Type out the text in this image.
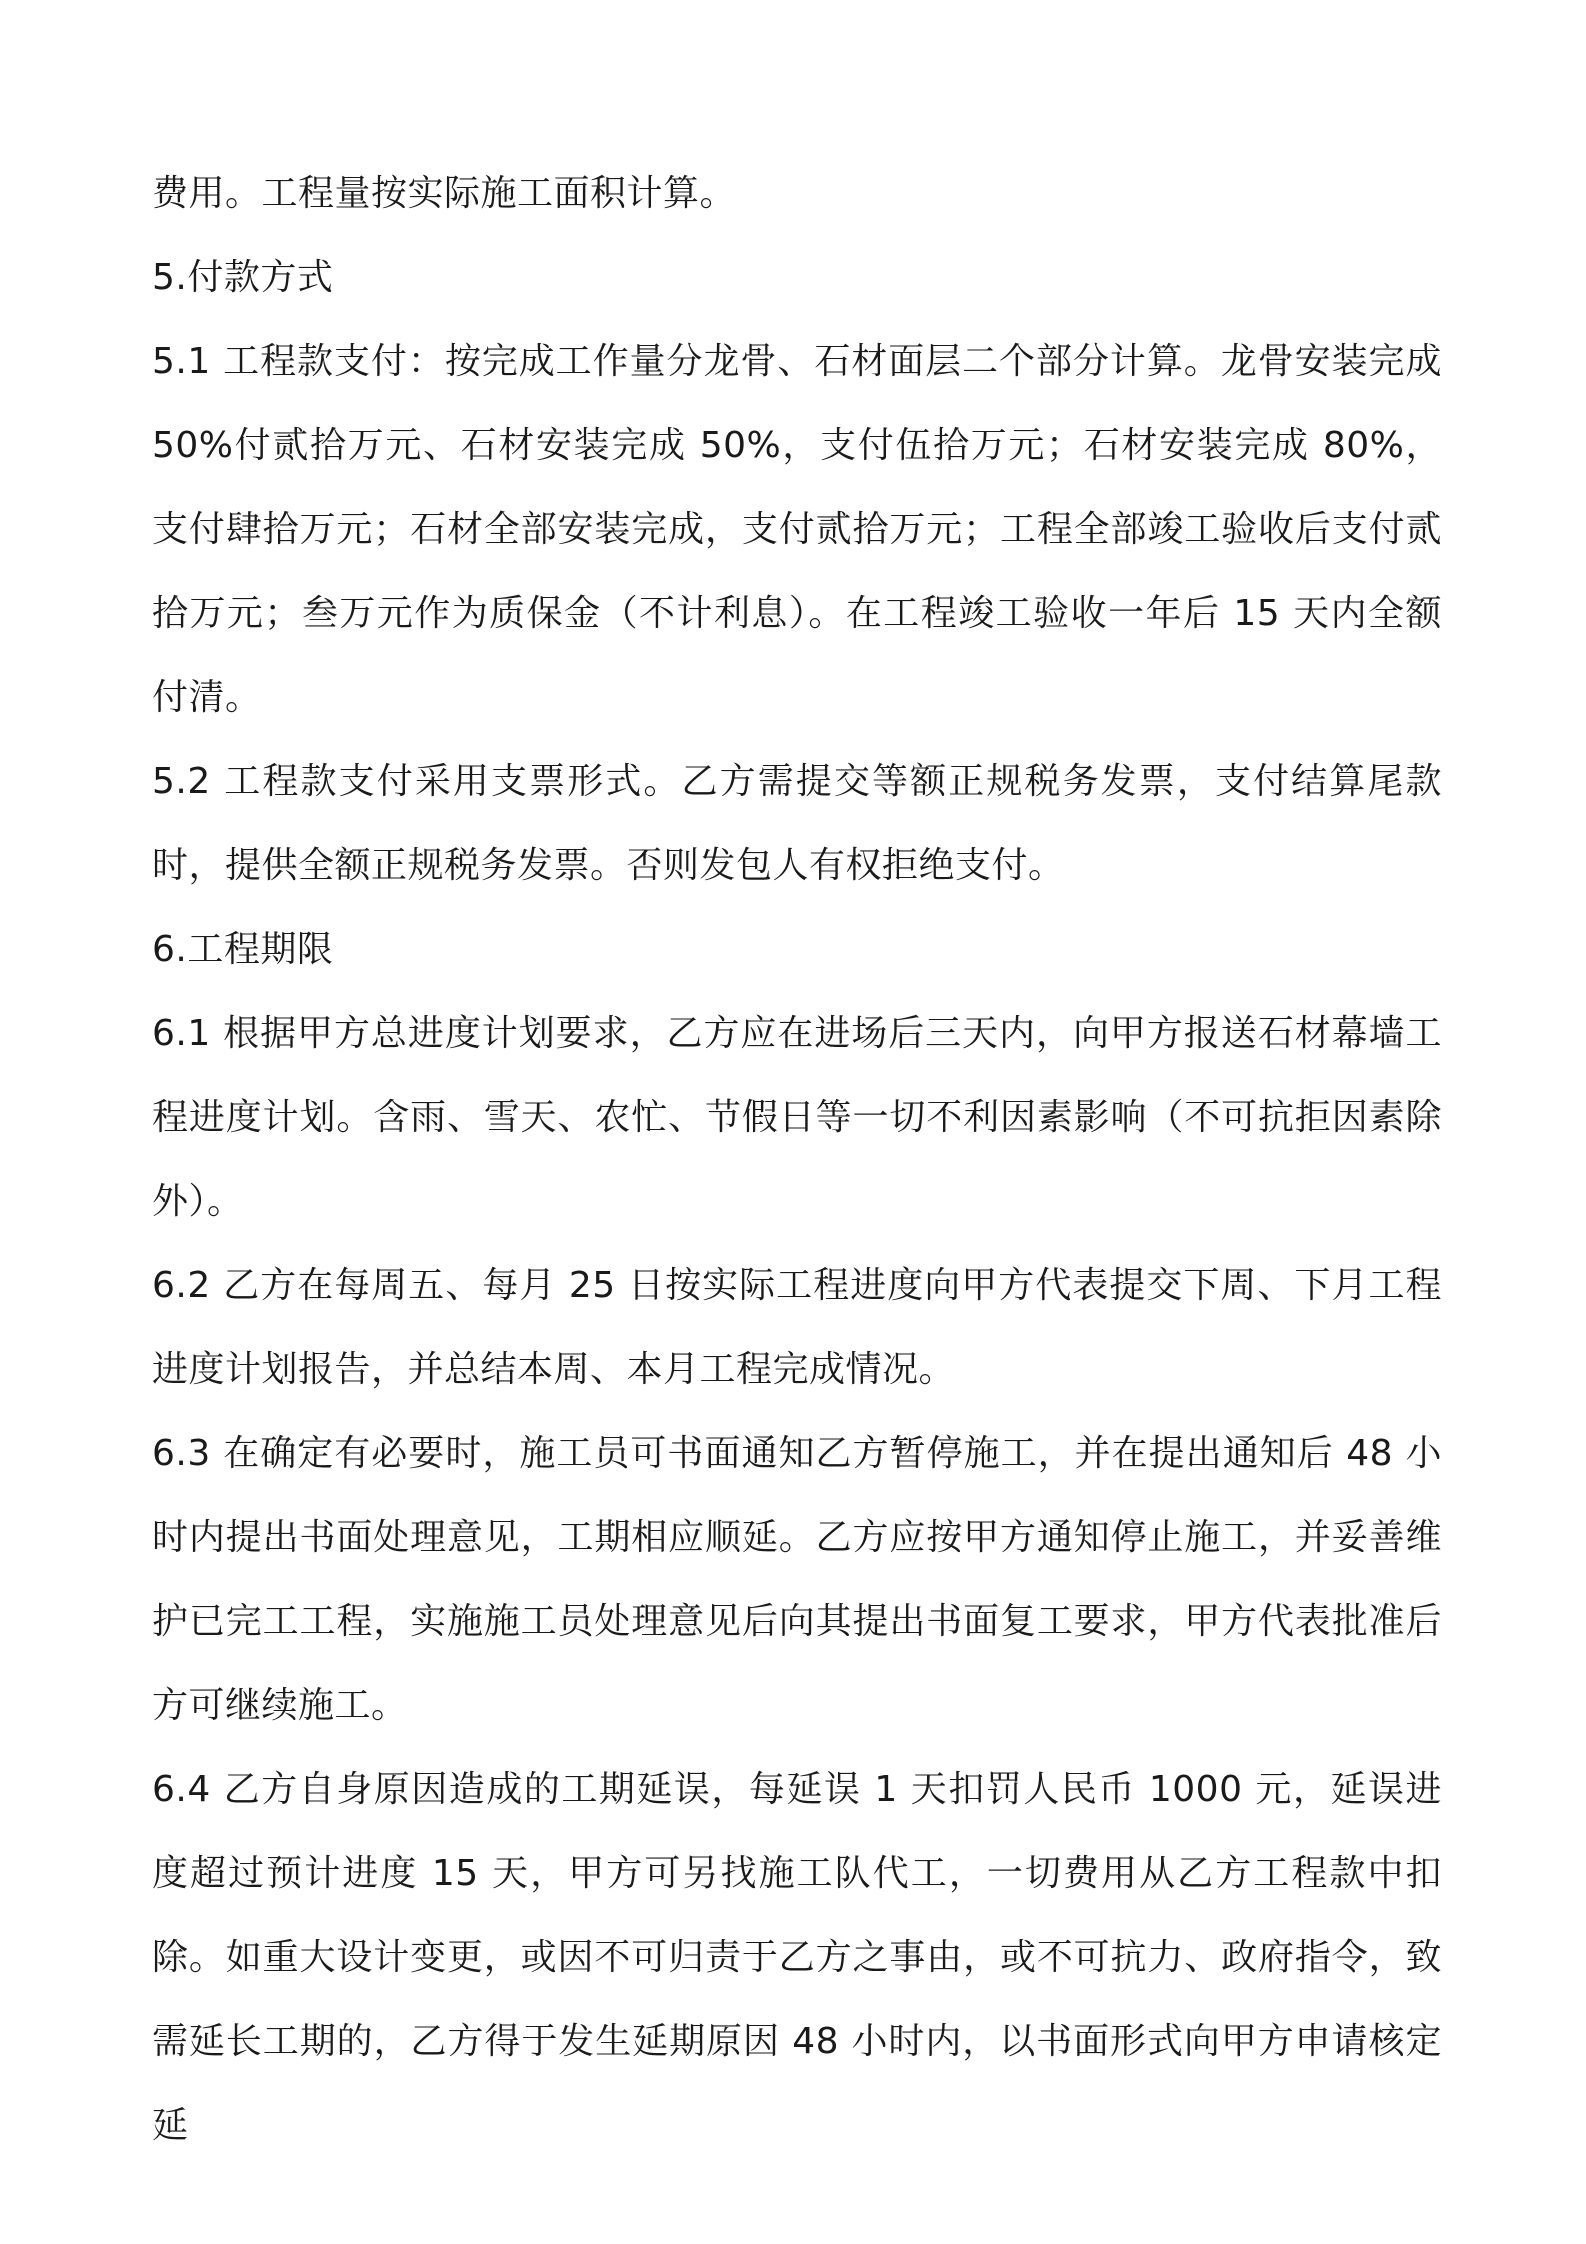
费用。工程量按实际施工面积计算。

5.付款方式

5.1 工程款支付：按完成工作量分龙骨、石材面层二个部分计算。龙骨安装完成50%付贰拾万元、石材安装完成 50%，支付伍拾万元；石材安装完成 80%，支付肆拾万元；石材全部安装完成，支付贰拾万元；工程全部竣工验收后支付贰拾万元；叁万元作为质保金（不计利息）。在工程竣工验收一年后 15 天内全额付清。

5.2 工程款支付采用支票形式。乙方需提交等额正规税务发票，支付结算尾款时，提供全额正规税务发票。否则发包人有权拒绝支付。

6.工程期限

6.1 根据甲方总进度计划要求，乙方应在进场后三天内，向甲方报送石材幕墙工程进度计划。含雨、雪天、农忙、节假日等一切不利因素影响（不可抗拒因素除外）。

6.2 乙方在每周五、每月 25 日按实际工程进度向甲方代表提交下周、下月工程进度计划报告，并总结本周、本月工程完成情况。

6.3 在确定有必要时，施工员可书面通知乙方暂停施工，并在提出通知后 48 小时内提出书面处理意见，工期相应顺延。乙方应按甲方通知停止施工，并妥善维护已完工工程，实施施工员处理意见后向其提出书面复工要求，甲方代表批准后方可继续施工。

6.4 乙方自身原因造成的工期延误，每延误 1 天扣罚人民币 1000 元，延误进度超过预计进度 15 天，甲方可另找施工队代工，一切费用从乙方工程款中扣除。如重大设计变更，或因不可归责于乙方之事由，或不可抗力、政府指令，致需延长工期的，乙方得于发生延期原因 48 小时内，以书面形式向甲方申请核定延
